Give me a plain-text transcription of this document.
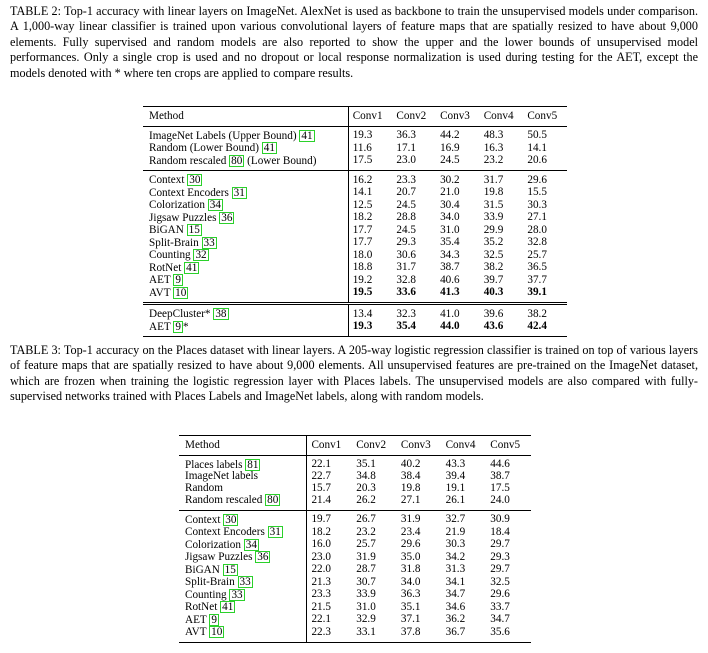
TABLE 2: Top-1 accuracy with linear layers on ImageNet. AlexNet is used as backbone to train the unsupervised models under comparison. A 1,000-way linear classifier is trained upon various convolutional layers of feature maps that are spatially resized to have about 9,000 elements. Fully supervised and random models are also reported to show the upper and the lower bounds of unsupervised model performances. Only a single crop is used and no dropout or local response normalization is used during testing for the AET, except the models denoted with * where ten crops are applied to compare results.
Method	Conv1	Conv2	Conv3	Conv4	Conv5
ImageNet Labels (Upper Bound) 41	19.3	36.3	44.2	48.3	50.5
Random (Lower Bound) 41	11.6	17.1	16.9	16.3	14.1
Random rescaled 80 (Lower Bound)	17.5	23.0	24.5	23.2	20.6
Context 30	16.2	23.3	30.2	31.7	29.6
Context Encoders 31	14.1	20.7	21.0	19.8	15.5
Colorization 34	12.5	24.5	30.4	31.5	30.3
Jigsaw Puzzles 36	18.2	28.8	34.0	33.9	27.1
BiGAN 15	17.7	24.5	31.0	29.9	28.0
Split-Brain 33	17.7	29.3	35.4	35.2	32.8
Counting 32	18.0	30.6	34.3	32.5	25.7
RotNet 41	18.8	31.7	38.7	38.2	36.5
AET 9	19.2	32.8	40.6	39.7	37.7
AVT 10	19.5	33.6	41.3	40.3	39.1
DeepCluster* 38	13.4	32.3	41.0	39.6	38.2
AET 9 *	19.3	35.4	44.0	43.6	42.4
TABLE 3: Top-1 accuracy on the Places dataset with linear layers. A 205-way logistic regression classifier is trained on top of various layers of feature maps that are spatially resized to have about 9,000 elements. All unsupervised features are pre-trained on the ImageNet dataset, which are frozen when training the logistic regression layer with Places labels. The unsupervised models are also compared with fully-supervised networks trained with Places Labels and ImageNet labels, along with random models.
Method	Conv1	Conv2	Conv3	Conv4	Conv5
Places labels 81	22.1	35.1	40.2	43.3	44.6
ImageNet labels	22.7	34.8	38.4	39.4	38.7
Random	15.7	20.3	19.8	19.1	17.5
Random rescaled 80	21.4	26.2	27.1	26.1	24.0
Context 30	19.7	26.7	31.9	32.7	30.9
Context Encoders 31	18.2	23.2	23.4	21.9	18.4
Colorization 34	16.0	25.7	29.6	30.3	29.7
Jigsaw Puzzles 36	23.0	31.9	35.0	34.2	29.3
BiGAN 15	22.0	28.7	31.8	31.3	29.7
Split-Brain 33	21.3	30.7	34.0	34.1	32.5
Counting 33	23.3	33.9	36.3	34.7	29.6
RotNet 41	21.5	31.0	35.1	34.6	33.7
AET 9	22.1	32.9	37.1	36.2	34.7
AVT 10	22.3	33.1	37.8	36.7	35.6
